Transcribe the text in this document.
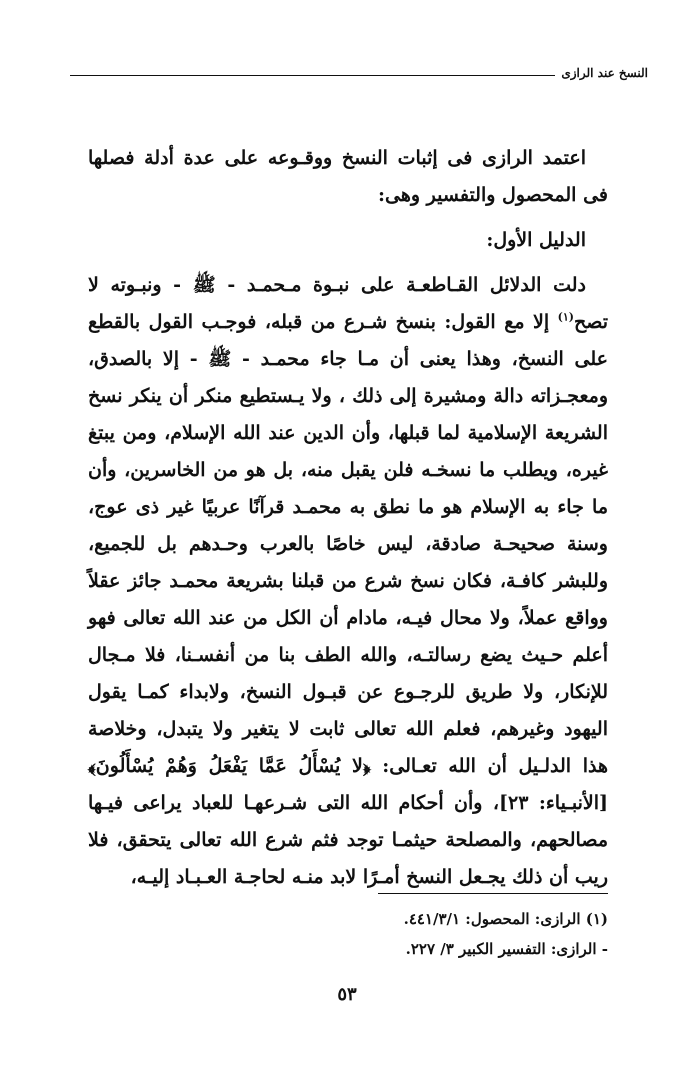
النسخ عند الرازى

اعتمد الرازى فى إثبات النسخ ووقـوعه على عدة أدلة فصلها فى المحصول والتفسير وهى:

الدليل الأول:

دلت الدلائل القـاطعـة على نبـوة مـحمـد - ﷺ - ونبـوته لا تصح$^{(١)}$ إلا مع القول: بنسخ شـرع من قبله، فوجـب القول بالقطع على النسخ، وهذا يعنى أن مـا جاء محمـد - ﷺ - إلا بالصدق، ومعجـزاته دالة ومشيرة إلى ذلك ، ولا يـستطيع منكر أن ينكر نسخ الشريعة الإسلامية لما قبلها، وأن الدين عند الله الإسلام، ومن يبتغ غيره، ويطلب ما نسخـه فلن يقبل منه، بل هو من الخاسرين، وأن ما جاء به الإسلام هو ما نطق به محمـد قرآنًا عربيًا غير ذى عوج، وسنة صحيحـة صادقة، ليس خاصًا بالعرب وحـدهم بل للجميع، وللبشر كافـة، فكان نسخ شرع من قبلنا بشريعة محمـد جائز عقلاً وواقع عملاً، ولا محال فيـه، مادام أن الكل من عند الله تعالى فهو أعلم حـيث يضع رسالتـه، والله الطف بنا من أنفسـنا، فلا مـجال للإنكار، ولا طريق للرجـوع عن قبـول النسخ، ولابداء كمـا يقول اليهود وغيرهم، فعلم الله تعالى ثابت لا يتغير ولا يتبدل، وخلاصة هذا الدلـيل أن الله تعـالى: ﴿لا يُسْأَلُ عَمَّا يَفْعَلُ وَهُمْ يُسْأَلُونَ﴾ [الأنبـياء: ٢٣]، وأن أحكام الله التى شـرعهـا للعباد يراعى فيـها مصالحهم، والمصلحة حيثمـا توجد فثم شرع الله تعالى يتحقق، فلا ريب أن ذلك يجـعل النسخ أمـرًا لابد منـه لحاجـة العـبـاد إليـه،

(١) الرازى: المحصول: ٤٤١/٣/١.
- الرازى: التفسير الكبير ٣/ ٢٢٧.
٥٣
